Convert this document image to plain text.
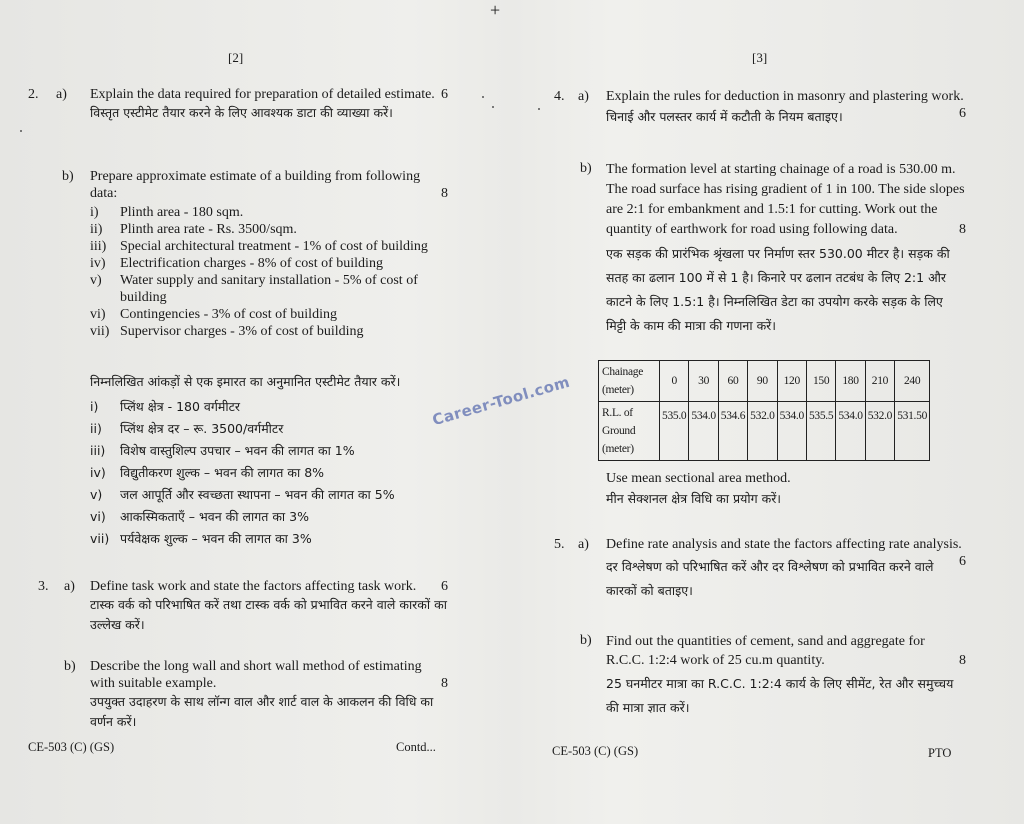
+
Career-Tool.com
[2]
2.	a) Explain the data required for preparation of detailed estimate. 6
विस्तृत एस्टीमेट तैयार करने के लिए आवश्यक डाटा की व्याख्या करें।
b) Prepare approximate estimate of a building from following data:	8
i) Plinth area - 180 sqm.
ii) Plinth area rate - Rs. 3500/sqm.
iii) Special architectural treatment - 1% of cost of building
iv) Electrification charges - 8% of cost of building
v) Water supply and sanitary installation - 5% of cost of building
vi) Contingencies - 3% of cost of building
vii) Supervisor charges - 3% of cost of building
निम्नलिखित आंकड़ों से एक इमारत का अनुमानित एस्टीमेट तैयार करें।
i) प्लिंथ क्षेत्र - 180 वर्गमीटर
ii) प्लिंथ क्षेत्र दर – रू. 3500/वर्गमीटर
iii) विशेष वास्तुशिल्प उपचार – भवन की लागत का 1%
iv) विद्युतीकरण शुल्क – भवन की लागत का 8%
v) जल आपूर्ति और स्वच्छता स्थापना – भवन की लागत का 5%
vi) आकस्मिकताएँ – भवन की लागत का 3%
vii) पर्यवेक्षक शुल्क – भवन की लागत का 3%
3.	a) Define task work and state the factors affecting task work. 6
टास्क वर्क को परिभाषित करें तथा टास्क वर्क को प्रभावित करने वाले कारकों का उल्लेख करें।
b) Describe the long wall and short wall method of estimating with suitable example.	8
उपयुक्त उदाहरण के साथ लॉन्ग वाल और शार्ट वाल के आकलन की विधि का वर्णन करें।
CE-503 (C) (GS)	Contd...
[3]
4. a) Explain the rules for deduction in masonry and plastering work.
6
चिनाई और पलस्तर कार्य में कटौती के नियम बताइए।
b) The formation level at starting chainage of a road is 530.00 m. The road surface has rising gradient of 1 in 100. The side slopes are 2:1 for embankment and 1.5:1 for cutting. Work out the quantity of earthwork for road using following data.	8
एक सड़क की प्रारंभिक श्रृंखला पर निर्माण स्तर 530.00 मीटर है। सड़क की सतह का ढलान 100 में से 1 है। किनारे पर ढलान तटबंध के लिए 2:1 और काटने के लिए 1.5:1 है। निम्नलिखित डेटा का उपयोग करके सड़क के लिए मिट्टी के काम की मात्रा की गणना करें।
Chainage
(meter)	0	30	60	90	120	150	180	210	240
R.L. of
Ground
(meter)	535.0	534.0	534.6	532.0	534.0	535.5	534.0	532.0	531.50
Use mean sectional area method.
मीन सेक्शनल क्षेत्र विधि का प्रयोग करें।
5. a) Define rate analysis and state the factors affecting rate analysis.
6
दर विश्लेषण को परिभाषित करें और दर विश्लेषण को प्रभावित करने वाले कारकों को बताइए।
b) Find out the quantities of cement, sand and aggregate for R.C.C. 1:2:4 work of 25 cu.m quantity.	8
25 घनमीटर मात्रा का R.C.C. 1:2:4 कार्य के लिए सीमेंट, रेत और समुच्चय की मात्रा ज्ञात करें।
CE-503 (C) (GS)	PTO
